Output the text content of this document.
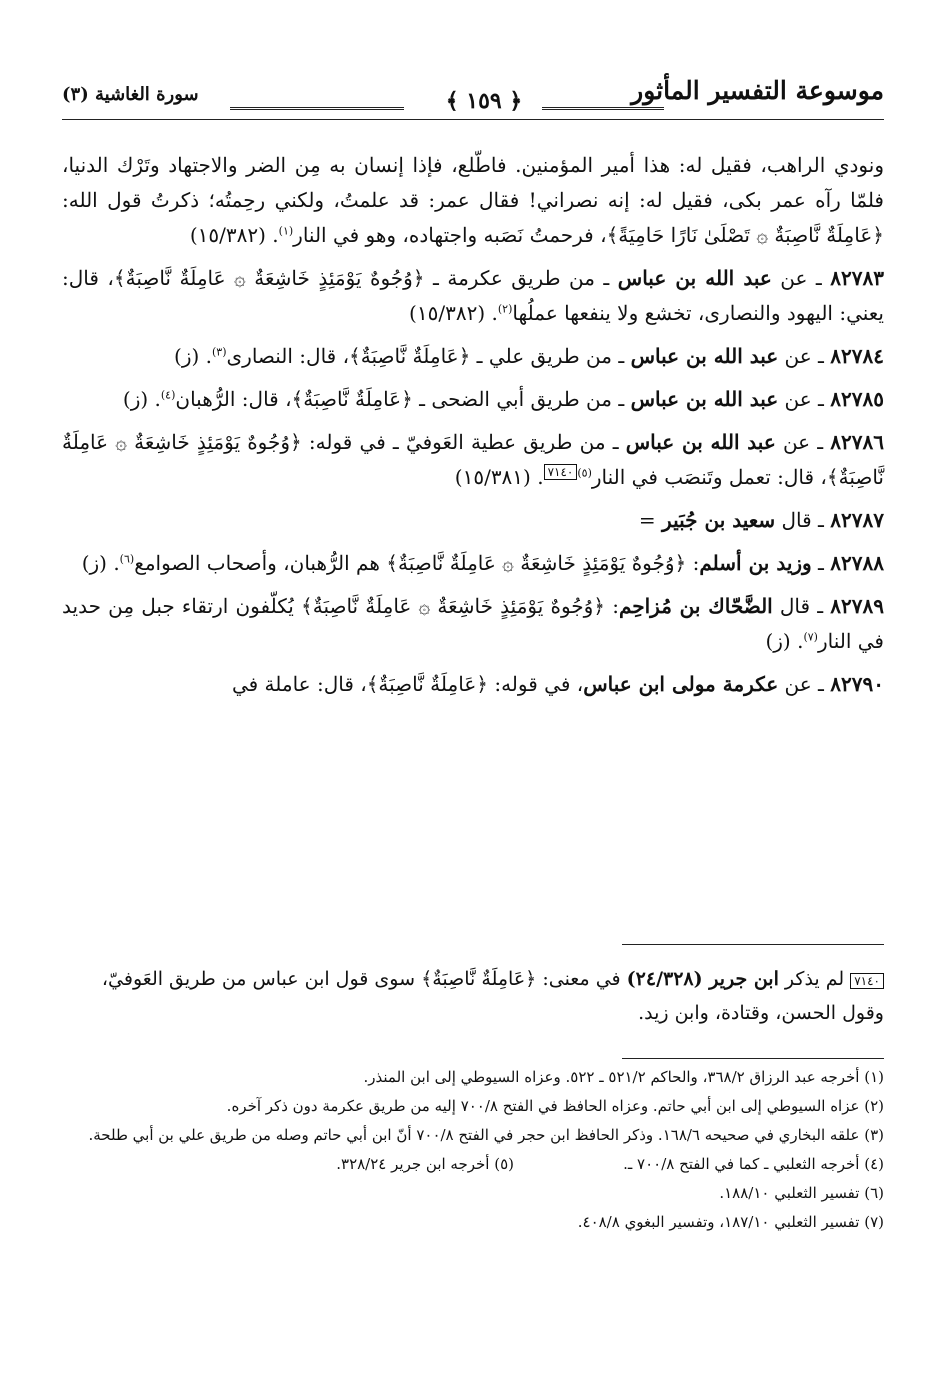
موسوعة التفسير المأثور
﴾ ١٥٩ ﴿
سورة الغاشية (٣)

ونودي الراهب، فقيل له: هذا أمير المؤمنين. فاطّلع، فإذا إنسان به مِن الضر والاجتهاد وتَرْك الدنيا، فلمّا رآه عمر بكى، فقيل له: إنه نصراني! فقال عمر: قد علمتُ، ولكني رحِمتُه؛ ذكرتُ قول الله: ﴿عَامِلَةٌ نَّاصِبَةٌ ۞ تَصْلَىٰ نَارًا حَامِيَةً﴾، فرحمتُ نَصَبه واجتهاده، وهو في النار$^{(١)}$. (١٥/٣٨٢)

٨٢٧٨٣ ـ عن عبد الله بن عباس ـ من طريق عكرمة ـ ﴿وُجُوهٌ يَوْمَئِذٍ خَاشِعَةٌ ۞ عَامِلَةٌ نَّاصِبَةٌ﴾، قال: يعني: اليهود والنصارى، تخشع ولا ينفعها عملُها$^{(٢)}$. (١٥/٣٨٢)

٨٢٧٨٤ ـ عن عبد الله بن عباس ـ من طريق علي ـ ﴿عَامِلَةٌ نَّاصِبَةٌ﴾، قال: النصارى$^{(٣)}$. (ز)

٨٢٧٨٥ ـ عن عبد الله بن عباس ـ من طريق أبي الضحى ـ ﴿عَامِلَةٌ نَّاصِبَةٌ﴾، قال: الرُّهبان$^{(٤)}$. (ز)

٨٢٧٨٦ ـ عن عبد الله بن عباس ـ من طريق عطية العَوفيّ ـ في قوله: ﴿وُجُوهٌ يَوْمَئِذٍ خَاشِعَةٌ ۞ عَامِلَةٌ نَّاصِبَةٌ﴾، قال: تعمل وتَنصَب في النار$^{(٥)}$٧١٤٠. (١٥/٣٨١)

٨٢٧٨٧ ـ قال سعيد بن جُبَير =

٨٢٧٨٨ ـ وزيد بن أسلم: ﴿وُجُوهٌ يَوْمَئِذٍ خَاشِعَةٌ ۞ عَامِلَةٌ نَّاصِبَةٌ﴾ هم الرُّهبان، وأصحاب الصوامع$^{(٦)}$. (ز)

٨٢٧٨٩ ـ قال الضَّحّاك بن مُزاحِم: ﴿وُجُوهٌ يَوْمَئِذٍ خَاشِعَةٌ ۞ عَامِلَةٌ نَّاصِبَةٌ﴾ يُكلّفون ارتقاء جبل مِن حديد في النار$^{(٧)}$. (ز)

٨٢٧٩٠ ـ عن عكرمة مولى ابن عباس، في قوله: ﴿عَامِلَةٌ نَّاصِبَةٌ﴾، قال: عاملة في

٧١٤٠ لم يذكر ابن جرير (٢٤/٣٢٨) في معنى: ﴿عَامِلَةٌ نَّاصِبَةٌ﴾ سوى قول ابن عباس من طريق العَوفيّ، وقول الحسن، وقتادة، وابن زيد.
(١) أخرجه عبد الرزاق ٣٦٨/٢، والحاكم ٥٢١/٢ ـ ٥٢٢. وعزاه السيوطي إلى ابن المنذر.
(٢) عزاه السيوطي إلى ابن أبي حاتم. وعزاه الحافظ في الفتح ٧٠٠/٨ إليه من طريق عكرمة دون ذكر آخره.
(٣) علقه البخاري في صحيحه ١٦٨/٦. وذكر الحافظ ابن حجر في الفتح ٧٠٠/٨ أنّ ابن أبي حاتم وصله من طريق علي بن أبي طلحة.
(٤) أخرجه الثعلبي ـ كما في الفتح ٧٠٠/٨ ـ.
(٥) أخرجه ابن جرير ٣٢٨/٢٤.
(٦) تفسير الثعلبي ١٨٨/١٠.
(٧) تفسير الثعلبي ١٨٧/١٠، وتفسير البغوي ٤٠٨/٨.
